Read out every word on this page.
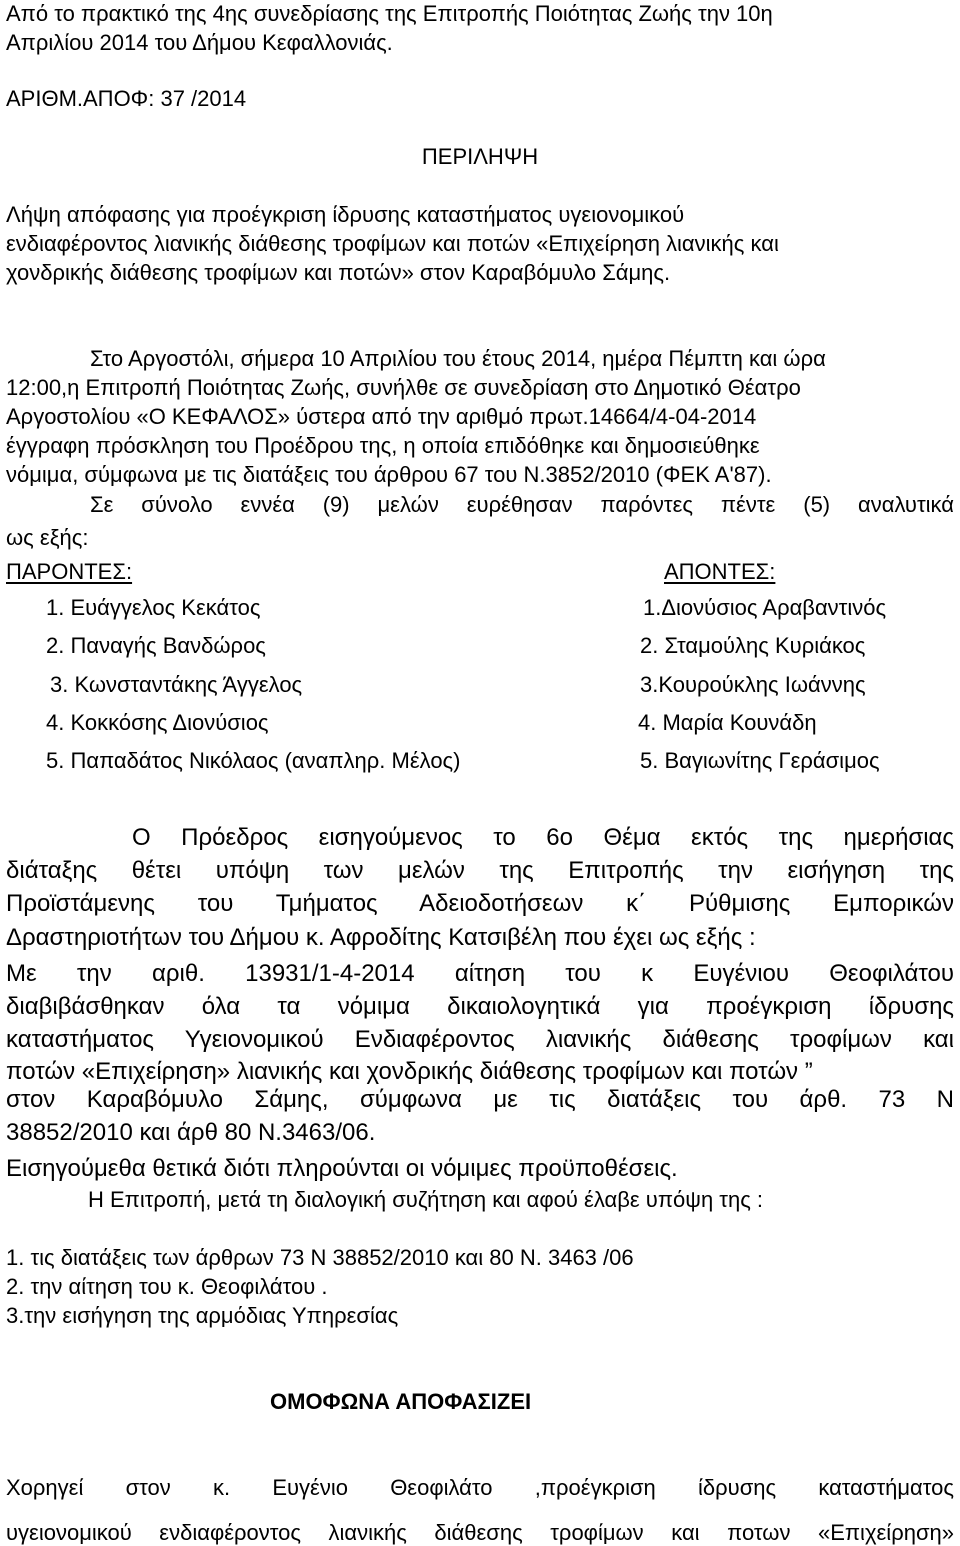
Από το πρακτικό της 4ης συνεδρίασης της Επιτροπής Ποιότητας Ζωής την 10η
Απριλίου 2014 του Δήμου Κεφαλλονιάς.
ΑΡΙΘΜ.ΑΠΟΦ: 37 /2014
ΠΕΡΙΛΗΨΗ
Λήψη απόφασης για προέγκριση ίδρυσης καταστήματος υγειονομικού
ενδιαφέροντος λιανικής διάθεσης τροφίμων και ποτών «Επιχείρηση λιανικής και
χονδρικής διάθεσης τροφίμων και ποτών» στον Καραβόμυλο Σάμης.
Στο Αργοστόλι, σήμερα 10 Απριλίου του έτους 2014, ημέρα Πέμπτη και ώρα
12:00,η Επιτροπή Ποιότητας Ζωής, συνήλθε σε συνεδρίαση στο Δημοτικό Θέατρο
Αργοστολίου «Ο ΚΕΦΑΛΟΣ» ύστερα από την αριθμό πρωτ.14664/4-04-2014
έγγραφη πρόσκληση του Προέδρου της, η οποία επιδόθηκε και δημοσιεύθηκε
νόμιμα, σύμφωνα με τις διατάξεις του άρθρου 67 του Ν.3852/2010 (ΦΕΚ Α'87).
Σε σύνολο εννέα (9) μελών ευρέθησαν παρόντες πέντε (5) αναλυτικά
ως εξής:
ΠΑΡΟΝΤΕΣ:	ΑΠΟΝΤΕΣ:
1. Ευάγγελος Κεκάτος
2. Παναγής Βανδώρος
3. Κωνσταντάκης Άγγελος
4. Κοκκόσης Διονύσιος
5. Παπαδάτος Νικόλαος (αναπληρ. Μέλος)
1.Διονύσιος Αραβαντινός
2. Σταμούλης Κυριάκος
3.Κουρούκλης Ιωάννης
4. Μαρία Κουνάδη
5. Βαγιωνίτης Γεράσιμος
Ο Πρόεδρος εισηγούμενος το 6ο Θέμα εκτός της ημερήσιας
διάταξης θέτει υπόψη των μελών της Επιτροπής την εισήγηση της
Προϊστάμενης του Τμήματος Αδειοδοτήσεων κ΄ Ρύθμισης Εμπορικών
Δραστηριοτήτων του Δήμου κ. Αφροδίτης Κατσιβέλη που έχει ως εξής :
Με την αριθ. 13931/1-4-2014 αίτηση του κ Ευγένιου Θεοφιλάτου
διαβιβάσθηκαν όλα τα νόμιμα δικαιολογητικά για προέγκριση ίδρυσης
καταστήματος Υγειονομικού Ενδιαφέροντος λιανικής διάθεσης τροφίμων και
ποτών «Επιχείρηση» λιανικής και χονδρικής διάθεσης τροφίμων και ποτών ”
στον Καραβόμυλο Σάμης, σύμφωνα με τις διατάξεις του άρθ. 73 Ν
38852/2010 και άρθ 80 Ν.3463/06.
Εισηγούμεθα θετικά διότι πληρούνται οι νόμιμες προϋποθέσεις.
Η Επιτροπή, μετά τη διαλογική συζήτηση και αφού έλαβε υπόψη της :
1. τις διατάξεις των άρθρων 73 Ν 38852/2010 και 80 Ν. 3463 /06
2. την αίτηση του κ. Θεοφιλάτου .
3.την εισήγηση της αρμόδιας Υπηρεσίας
ΟΜΟΦΩΝΑ ΑΠΟΦΑΣΙΖΕΙ
Χορηγεί στον κ. Ευγένιο Θεοφιλάτο ,προέγκριση ίδρυσης καταστήματος
υγειονομικού ενδιαφέροντος λιανικής διάθεσης τροφίμων και ποτων «Επιχείρηση»
